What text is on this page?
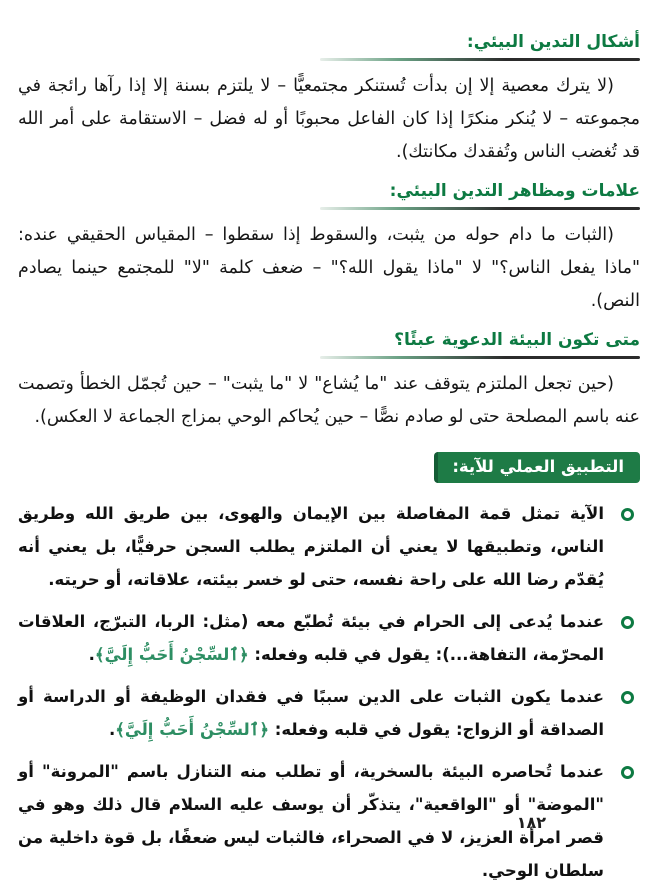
أشكال التدين البيئي:

(لا يترك معصية إلا إن بدأت تُستنكر مجتمعيًّا – لا يلتزم بسنة إلا إذا رآها رائجة في مجموعته – لا يُنكر منكرًا إذا كان الفاعل محبوبًا أو له فضل – الاستقامة على أمر الله قد تُغضب الناس وتُفقدك مكانتك).

علامات ومظاهر التدين البيئي:

(الثبات ما دام حوله من يثبت، والسقوط إذا سقطوا – المقياس الحقيقي عنده: "ماذا يفعل الناس؟" لا "ماذا يقول الله؟" – ضعف كلمة "لا" للمجتمع حينما يصادم النص).

متى تكون البيئة الدعوية عبئًا؟

(حين تجعل الملتزم يتوقف عند "ما يُشاع" لا "ما يثبت" – حين تُجمّل الخطأ وتصمت عنه باسم المصلحة حتى لو صادم نصًّا – حين يُحاكم الوحي بمزاج الجماعة لا العكس).

التطبيق العملي للآية:
الآية تمثل قمة المفاصلة بين الإيمان والهوى، بين طريق الله وطريق الناس، وتطبيقها لا يعني أن الملتزم يطلب السجن حرفيًّا، بل يعني أنه يُقدّم رضا الله على راحة نفسه، حتى لو خسر بيئته، علاقاته، أو حريته.
عندما يُدعى إلى الحرام في بيئة تُطبّع معه (مثل: الربا، التبرّج، العلاقات المحرّمة، التفاهة...): يقول في قلبه وفعله: ﴿ٱلسِّجْنُ أَحَبُّ إِلَيَّ﴾.
عندما يكون الثبات على الدين سببًا في فقدان الوظيفة أو الدراسة أو الصداقة أو الزواج: يقول في قلبه وفعله: ﴿ٱلسِّجْنُ أَحَبُّ إِلَيَّ﴾.
عندما تُحاصره البيئة بالسخرية، أو تطلب منه التنازل باسم "المرونة" أو "الموضة" أو "الواقعية"، يتذكّر أن يوسف عليه السلام قال ذلك وهو في قصر امرأة العزيز، لا في الصحراء، فالثبات ليس ضعفًا، بل قوة داخلية من سلطان الوحي.
١٨٢
